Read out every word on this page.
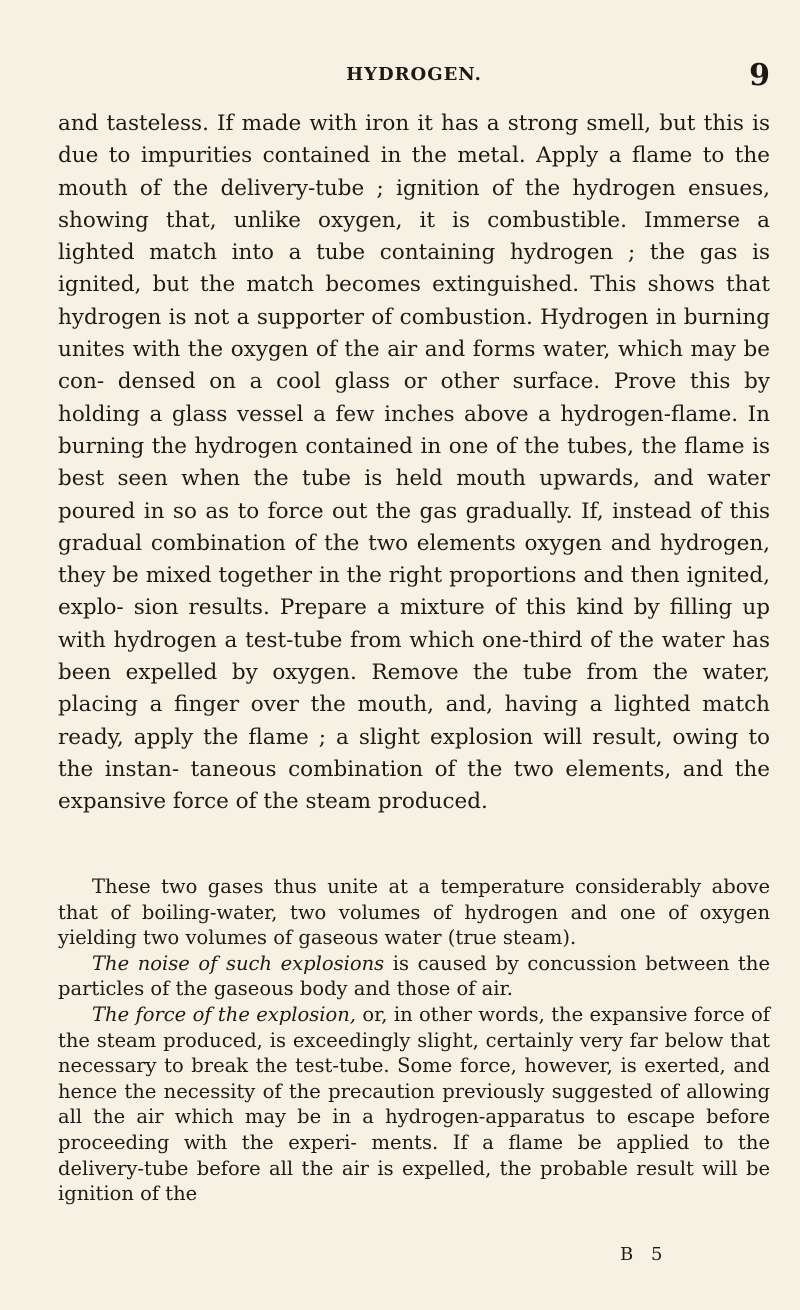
HYDROGEN.	9

and tasteless. If made with iron it has a strong smell, but this is due to impurities contained in the metal. Apply a flame to the mouth of the delivery-tube ; ignition of the hydrogen ensues, showing that, unlike oxygen, it is combustible. Immerse a lighted match into a tube containing hydrogen ; the gas is ignited, but the match becomes extinguished. This shows that hydrogen is not a supporter of combustion. Hydrogen in burning unites with the oxygen of the air and forms water, which may be con- densed on a cool glass or other surface. Prove this by holding a glass vessel a few inches above a hydrogen-flame. In burning the hydrogen contained in one of the tubes, the flame is best seen when the tube is held mouth upwards, and water poured in so as to force out the gas gradually. If, instead of this gradual combination of the two elements oxygen and hydrogen, they be mixed together in the right proportions and then ignited, explo- sion results. Prepare a mixture of this kind by filling up with hydrogen a test-tube from which one-third of the water has been expelled by oxygen. Remove the tube from the water, placing a finger over the mouth, and, having a lighted match ready, apply the flame ; a slight explosion will result, owing to the instan- taneous combination of the two elements, and the expansive force of the steam produced.

These two gases thus unite at a temperature considerably above that of boiling-water, two volumes of hydrogen and one of oxygen yielding two volumes of gaseous water (true steam).

The noise of such explosions is caused by concussion between the particles of the gaseous body and those of air.

The force of the explosion, or, in other words, the expansive force of the steam produced, is exceedingly slight, certainly very far below that necessary to break the test-tube. Some force, however, is exerted, and hence the necessity of the precaution previously suggested of allowing all the air which may be in a hydrogen-apparatus to escape before proceeding with the experi- ments. If a flame be applied to the delivery-tube before all the air is expelled, the probable result will be ignition of the

B 5
